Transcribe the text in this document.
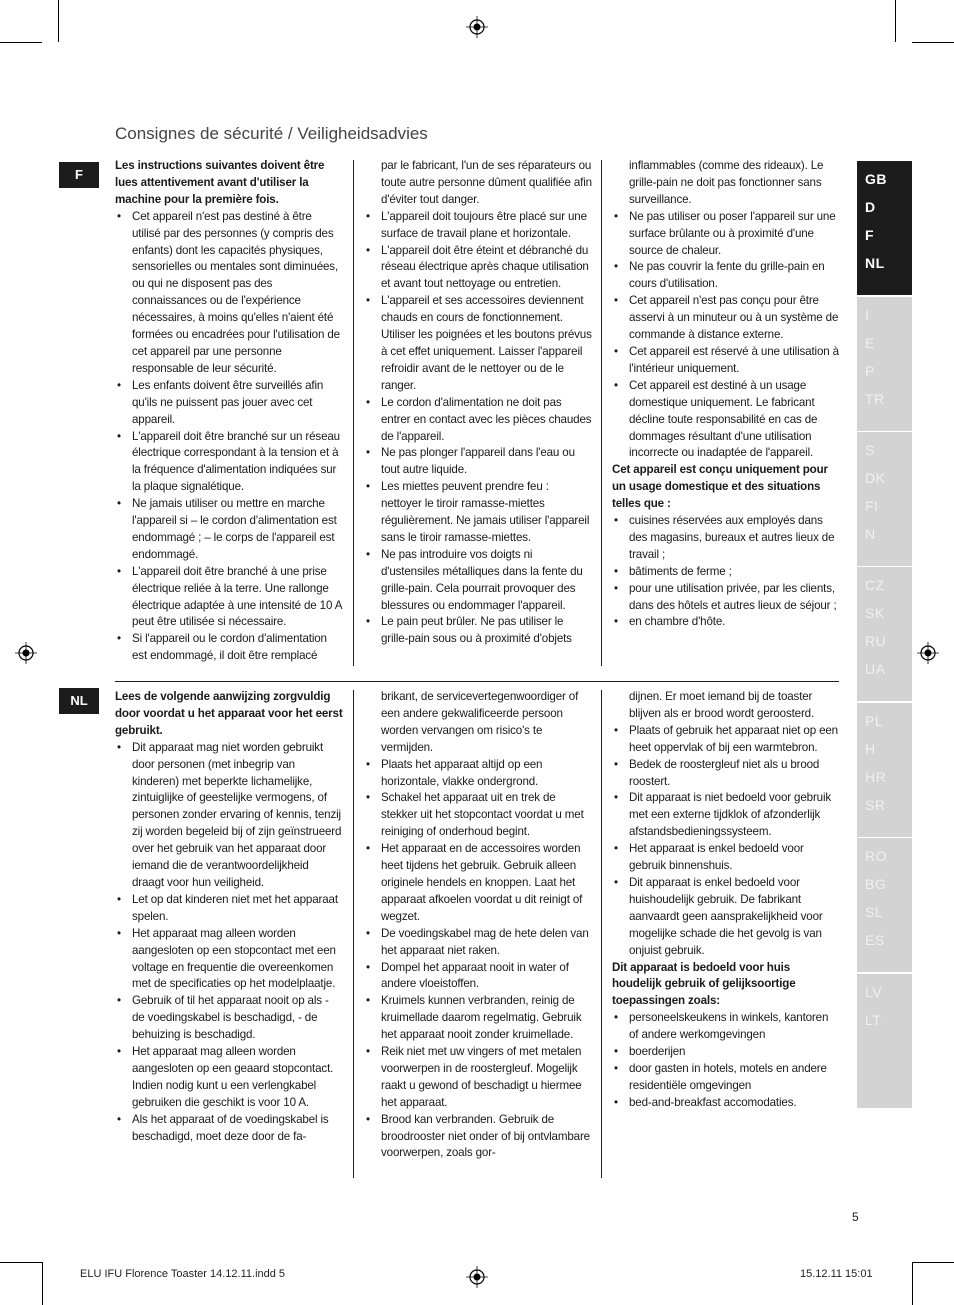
Consignes de sécurité / Veiligheidsadvies
F

Les instructions suivantes doivent être lues attentivement avant d'utiliser la machine pour la première fois.

• Cet appareil n'est pas destiné à être utilisé par des personnes (y compris des enfants) dont les capacités physiques, sensorielles ou mentales sont diminuées, ou qui ne disposent pas des connaissances ou de l'expérience nécessaires, à moins qu'elles n'aient été formées ou encadrées pour l'utilisation de cet appareil par une personne responsable de leur sécurité.
• Les enfants doivent être surveillés afin qu'ils ne puissent pas jouer avec cet appareil.
• L'appareil doit être branché sur un réseau électrique correspondant à la tension et à la fréquence d'alimentation indiquées sur la plaque signalétique.
• Ne jamais utiliser ou mettre en marche l'appareil si – le cordon d'alimentation est endommagé ; – le corps de l'appareil est endommagé.
• L'appareil doit être branché à une prise électrique reliée à la terre. Une rallonge électrique adaptée à une intensité de 10 A peut être utilisée si nécessaire.
• Si l'appareil ou le cordon d'alimentation est endommagé, il doit être remplacé

par le fabricant, l'un de ses réparateurs ou toute autre personne dûment qualifiée afin d'éviter tout danger.

• L'appareil doit toujours être placé sur une surface de travail plane et horizontale.
• L'appareil doit être éteint et débranché du réseau électrique après chaque utilisation et avant tout nettoyage ou entretien.
• L'appareil et ses accessoires deviennent chauds en cours de fonctionnement. Utiliser les poignées et les boutons prévus à cet effet uniquement. Laisser l'appareil refroidir avant de le nettoyer ou de le ranger.
• Le cordon d'alimentation ne doit pas entrer en contact avec les pièces chaudes de l'appareil.
• Ne pas plonger l'appareil dans l'eau ou tout autre liquide.
• Les miettes peuvent prendre feu : nettoyer le tiroir ramasse-miettes régulièrement. Ne jamais utiliser l'appareil sans le tiroir ramasse-miettes.
• Ne pas introduire vos doigts ni d'ustensiles métalliques dans la fente du grille-pain. Cela pourrait provoquer des blessures ou endommager l'appareil.
• Le pain peut brûler. Ne pas utiliser le grille-pain sous ou à proximité d'objets

inflammables (comme des rideaux). Le grille-pain ne doit pas fonctionner sans surveillance.

• Ne pas utiliser ou poser l'appareil sur une surface brûlante ou à proximité d'une source de chaleur.
• Ne pas couvrir la fente du grille-pain en cours d'utilisation.
• Cet appareil n'est pas conçu pour être asservi à un minuteur ou à un système de commande à distance externe.
• Cet appareil est réservé à une utilisation à l'intérieur uniquement.
• Cet appareil est destiné à un usage domestique uniquement. Le fabricant décline toute responsabilité en cas de dommages résultant d'une utilisation incorrecte ou inadaptée de l'appareil.

Cet appareil est conçu uniquement pour un usage domestique et des situations telles que :

• cuisines réservées aux employés dans des magasins, bureaux et autres lieux de travail ;
• bâtiments de ferme ;
• pour une utilisation privée, par les clients, dans des hôtels et autres lieux de séjour ;
• en chambre d'hôte.
NL	Lees de volgende aanwijzing zorgvuldig door voordat u het apparaat voor het eerst gebruikt.

• Dit apparaat mag niet worden gebruikt door personen (met inbegrip van kinderen) met beperkte lichamelijke, zintuiglijke of geestelijke vermogens, of personen zonder ervaring of kennis, tenzij zij worden begeleid bij of zijn geïnstrueerd over het gebruik van het apparaat door iemand die de verantwoordelijkheid draagt voor hun veiligheid.
• Let op dat kinderen niet met het apparaat spelen.
• Het apparaat mag alleen worden aangesloten op een stopcontact met een voltage en frequentie die overeenkomen met de specificaties op het modelplaatje.
• Gebruik of til het apparaat nooit op als - de voedingskabel is beschadigd, - de behuizing is beschadigd.
• Het apparaat mag alleen worden aangesloten op een geaard stopcontact. Indien nodig kunt u een verlengkabel gebruiken die geschikt is voor 10 A.
• Als het apparaat of de voedingskabel is beschadigd, moet deze door de fa-

brikant, de servicevertegenwoordiger of een andere gekwalificeerde persoon worden vervangen om risico's te vermijden.

• Plaats het apparaat altijd op een horizontale, vlakke ondergrond.
• Schakel het apparaat uit en trek de stekker uit het stopcontact voordat u met reiniging of onderhoud begint.
• Het apparaat en de accessoires worden heet tijdens het gebruik. Gebruik alleen originele hendels en knoppen. Laat het apparaat afkoelen voordat u dit reinigt of wegzet.
• De voedingskabel mag de hete delen van het apparaat niet raken.
• Dompel het apparaat nooit in water of andere vloeistoffen.
• Kruimels kunnen verbranden, reinig de kruimellade daarom regelmatig. Gebruik het apparaat nooit zonder kruimellade.
• Reik niet met uw vingers of met metalen voorwerpen in de roostergleuf. Mogelijk raakt u gewond of beschadigt u hiermee het apparaat.
• Brood kan verbranden. Gebruik de broodrooster niet onder of bij ontvlambare voorwerpen, zoals gor-

dijnen. Er moet iemand bij de toaster blijven als er brood wordt geroosterd.

• Plaats of gebruik het apparaat niet op een heet oppervlak of bij een warmtebron.
• Bedek de roostergleuf niet als u brood roostert.
• Dit apparaat is niet bedoeld voor gebruik met een externe tijdklok of afzonderlijk afstandsbedieningssysteem.
• Het apparaat is enkel bedoeld voor gebruik binnenshuis.
• Dit apparaat is enkel bedoeld voor huishoudelijk gebruik. De fabrikant aanvaardt geen aansprakelijkheid voor mogelijke schade die het gevolg is van onjuist gebruik.

Dit apparaat is bedoeld voor huis houdelijk gebruik of gelijksoortige toepassingen zoals:

• personeelskeukens in winkels, kantoren of andere werkomgevingen
• boerderijen
• door gasten in hotels, motels en andere residentiële omgevingen
• bed-and-breakfast accomodaties.
GB
D
F
NL
I
E
P
TR
S
DK
FI
N
CZ
SK
RU
UA
PL
H
HR
SR
RO
BG
SL
ES
LV
LT
5
ELU IFU Florence Toaster 14.12.11.indd 5	15.12.11 15:01
